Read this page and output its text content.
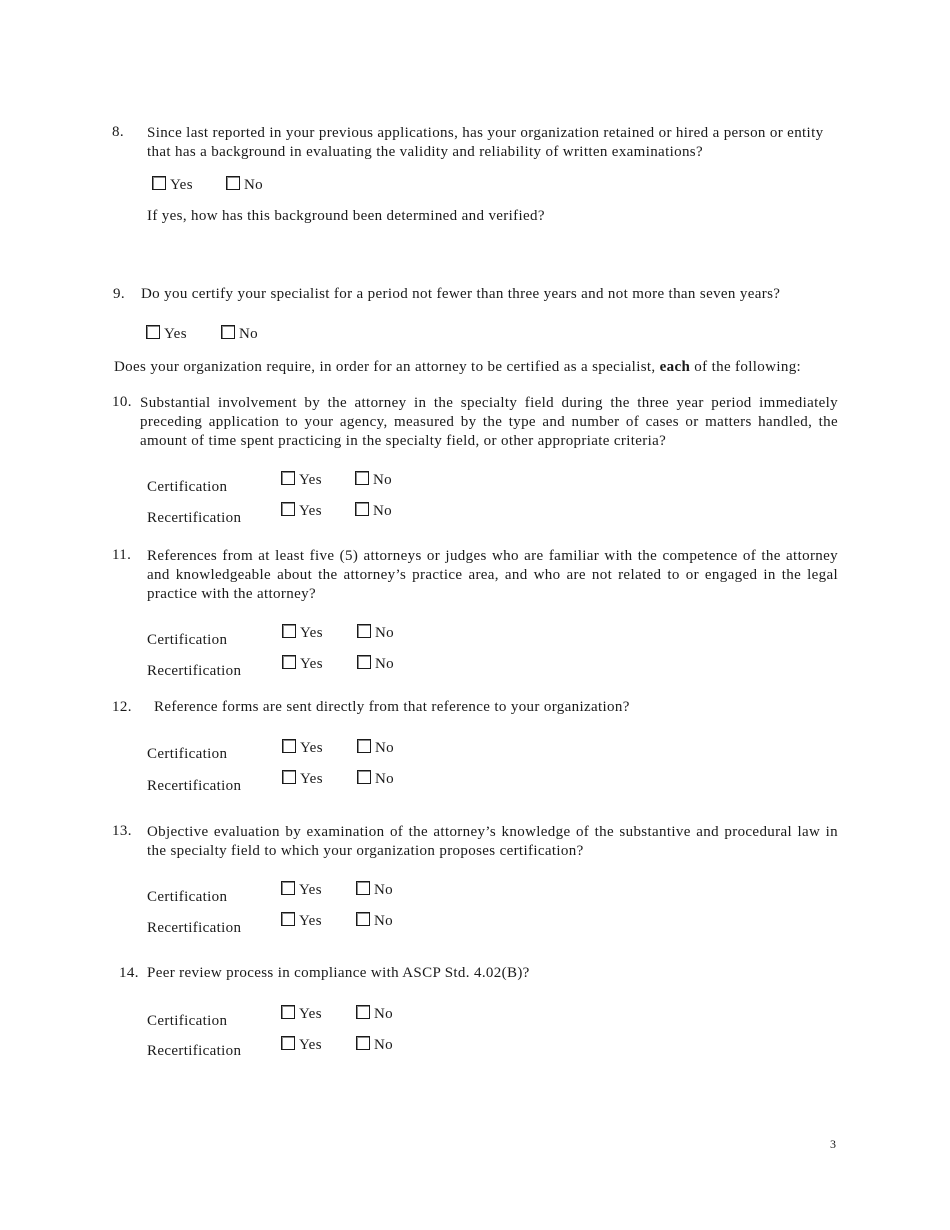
8. Since last reported in your previous applications, has your organization retained or hired a person or entity that has a background in evaluating the validity and reliability of written examinations?
Yes	No
If yes, how has this background been determined and verified?
9. Do you certify your specialist for a period not fewer than three years and not more than seven years?
Yes	No
Does your organization require, in order for an attorney to be certified as a specialist, each of the following:
10. Substantial involvement by the attorney in the specialty field during the three year period immediately preceding application to your agency, measured by the type and number of cases or matters handled, the amount of time spent practicing in the specialty field, or other appropriate criteria?
Certification	Yes	No
Recertification	Yes	No
11. References from at least five (5) attorneys or judges who are familiar with the competence of the attorney and knowledgeable about the attorney’s practice area, and who are not related to or engaged in the legal practice with the attorney?
Certification	Yes	No
Recertification	Yes	No
12. Reference forms are sent directly from that reference to your organization?
Certification	Yes	No
Recertification	Yes	No
13. Objective evaluation by examination of the attorney’s knowledge of the substantive and procedural law in the specialty field to which your organization proposes certification?
Certification	Yes	No
Recertification	Yes	No
14. Peer review process in compliance with ASCP Std. 4.02(B)?
Certification	Yes	No
Recertification	Yes	No
3
